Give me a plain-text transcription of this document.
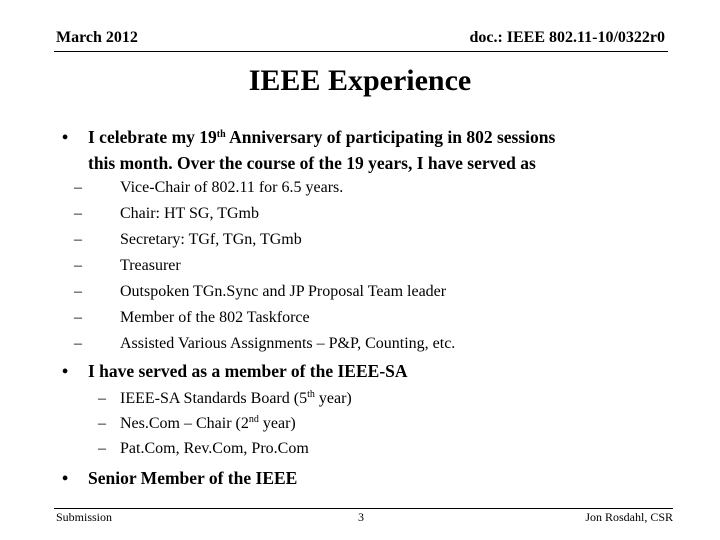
March 2012	doc.: IEEE 802.11-10/0322r0
IEEE Experience
• I celebrate my 19th Anniversary of participating in 802 sessions
this month. Over the course of the 19 years, I have served as
– Vice-Chair of 802.11 for 6.5 years.
– Chair: HT SG, TGmb
– Secretary: TGf, TGn, TGmb
– Treasurer
– Outspoken TGn.Sync and JP Proposal Team leader
– Member of the 802 Taskforce
– Assisted Various Assignments – P&P, Counting, etc.
• I have served as a member of the IEEE-SA
– IEEE-SA Standards Board (5th year)
– Nes.Com – Chair (2nd year)
– Pat.Com, Rev.Com, Pro.Com
• Senior Member of the IEEE
Submission	3	Jon Rosdahl, CSR
